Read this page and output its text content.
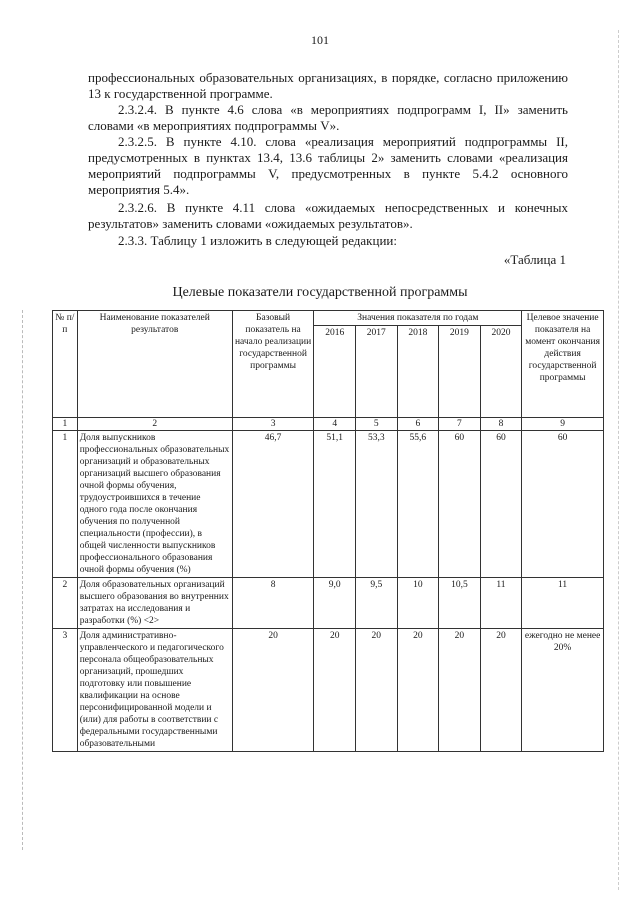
101
профессиональных образовательных организациях, в порядке, согласно приложению 13 к государственной программе.
2.3.2.4. В пункте 4.6 слова «в мероприятиях подпрограмм I, II» заменить словами «в мероприятиях подпрограммы V».
2.3.2.5. В пункте 4.10. слова «реализация мероприятий подпрограммы II, предусмотренных в пунктах 13.4, 13.6 таблицы 2» заменить словами «реализация мероприятий подпрограммы V, предусмотренных в пункте 5.4.2 основного мероприятия 5.4».
2.3.2.6. В пункте 4.11 слова «ожидаемых непосредственных и конечных результатов» заменить словами «ожидаемых результатов».
2.3.3. Таблицу 1 изложить в следующей редакции:
«Таблица 1
Целевые показатели государственной программы
№ п/п	Наименование показателей результатов	Базовый показатель на начало реализации государственной программы	Значения показателя по годам					Целевое значение показателя на момент окончания действия государственной программы
			2016	2017	2018	2019	2020	
1	2	3	4	5	6	7	8	9
1	Доля выпускников профессиональных образовательных организаций и образовательных организаций высшего образования очной формы обучения, трудоустроившихся в течение одного года после окончания обучения по полученной специальности (профессии), в общей численности выпускников профессионального образования очной формы обучения (%)	46,7	51,1	53,3	55,6	60	60	60
2	Доля образовательных организаций высшего образования во внутренних затратах на исследования и разработки (%) <2>	8	9,0	9,5	10	10,5	11	11
3	Доля административно-управленческого и педагогического персонала общеобразовательных организаций, прошедших подготовку или повышение квалификации на основе персонифицированной модели и (или) для работы в соответствии с федеральными государственными образовательными	20	20	20	20	20	20	ежегодно не менее 20%
